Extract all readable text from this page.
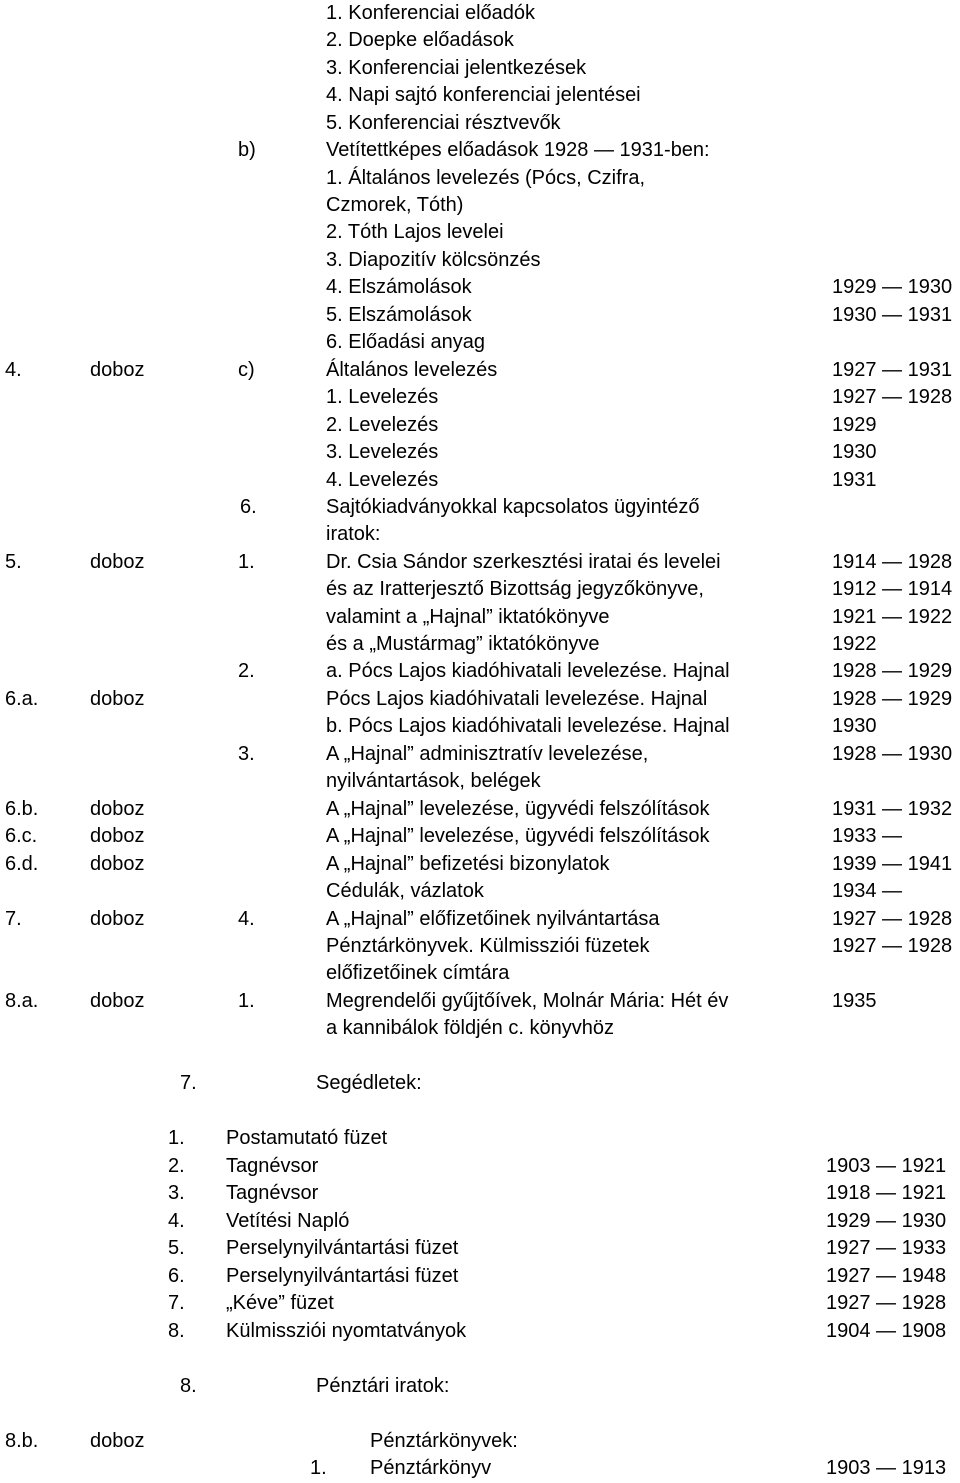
1. Konferenciai előadók
2. Doepke előadások
3. Konferenciai jelentkezések
4. Napi sajtó konferenciai jelentései
5. Konferenciai résztvevők
b)	Vetítettképes előadások 1928 — 1931-ben:
1. Általános levelezés (Pócs, Czifra,
Czmorek, Tóth)
2. Tóth Lajos levelei
3. Diapozitív kölcsönzés
4. Elszámolások	1929 — 1930
5. Elszámolások	1930 — 1931
6. Előadási anyag
4.	doboz	c)	Általános levelezés	1927 — 1931
1. Levelezés	1927 — 1928
2. Levelezés	1929
3. Levelezés	1930
4. Levelezés	1931
6.	Sajtókiadványokkal kapcsolatos ügyintéző
iratok:
5.	doboz	1.	Dr. Csia Sándor szerkesztési iratai és levelei	1914 — 1928
és az Iratterjesztő Bizottság jegyzőkönyve,	1912 — 1914
valamint a „Hajnal” iktatókönyve	1921 — 1922
és a „Mustármag” iktatókönyve	1922
2.	a. Pócs Lajos kiadóhivatali levelezése. Hajnal	1928 — 1929
6.a.	doboz	Pócs Lajos kiadóhivatali levelezése. Hajnal	1928 — 1929
b. Pócs Lajos kiadóhivatali levelezése. Hajnal	1930
3.	A „Hajnal” adminisztratív levelezése,	1928 — 1930
nyilvántartások, belégek
6.b.	doboz	A „Hajnal” levelezése, ügyvédi felszólítások	1931 — 1932
6.c.	doboz	A „Hajnal” levelezése, ügyvédi felszólítások	1933 —
6.d.	doboz	A „Hajnal” befizetési bizonylatok	1939 — 1941
Cédulák, vázlatok	1934 —
7.	doboz	4.	A „Hajnal” előfizetőinek nyilvántartása	1927 — 1928
Pénztárkönyvek. Külmissziói füzetek	1927 — 1928
előfizetőinek címtára
8.a.	doboz	1.	Megrendelői gyűjtőívek, Molnár Mária: Hét év	1935
a kannibálok földjén c. könyvhöz
7.	Segédletek:
1. Postamutató füzet
2. Tagnévsor	1903 — 1921
3. Tagnévsor	1918 — 1921
4. Vetítési Napló	1929 — 1930
5. Perselynyilvántartási füzet	1927 — 1933
6. Perselynyilvántartási füzet	1927 — 1948
7. „Kéve” füzet	1927 — 1928
8. Külmissziói nyomtatványok	1904 — 1908
8.	Pénztári iratok:
8.b.	doboz	Pénztárkönyvek:
1. Pénztárkönyv	1903 — 1913
